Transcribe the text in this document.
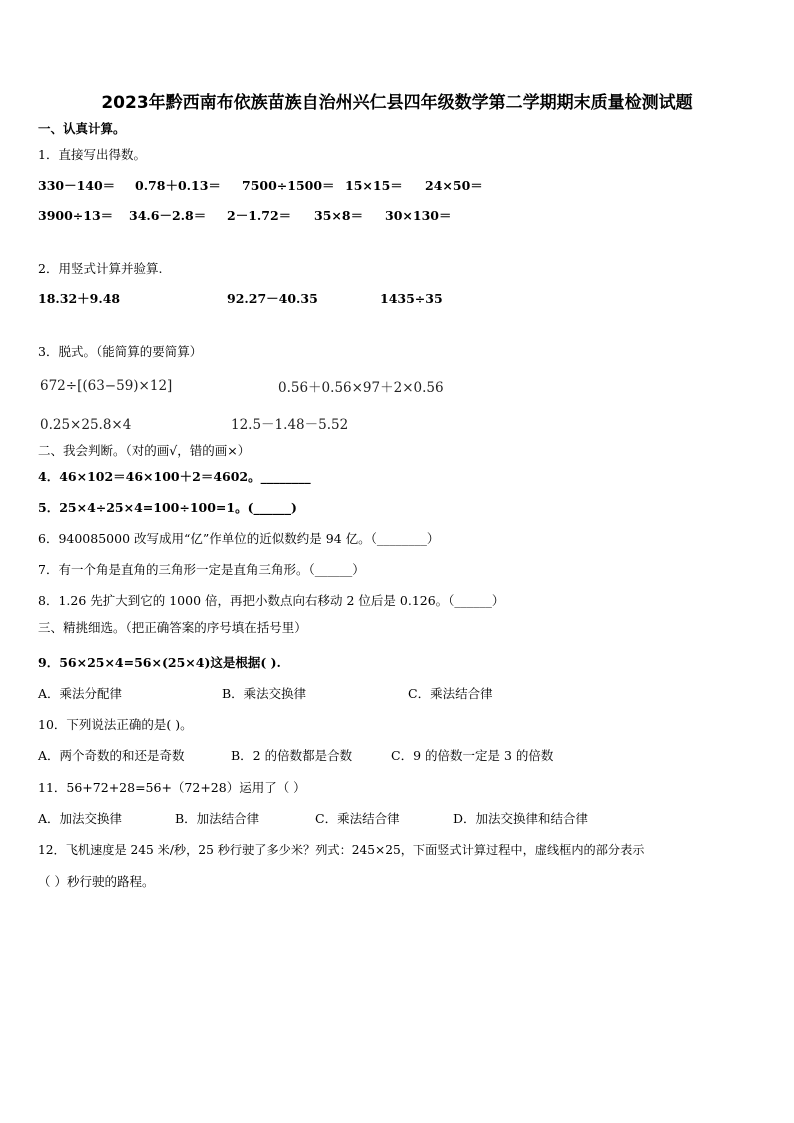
2023年黔西南布依族苗族自治州兴仁县四年级数学第二学期期末质量检测试题
一、认真计算。
1．直接写出得数。
330－140＝ 0.78＋0.13＝ 7500÷1500＝ 15×15＝ 24×50＝
3900÷13＝ 34.6－2.8＝ 2－1.72＝ 35×8＝ 30×130＝
2．用竖式计算并验算.
18.32＋9.48	92.27－40.35	1435÷35
3．脱式。（能简算的要简算）
672÷[(63−59)×12]	0.56＋0.56×97＋2×0.56
0.25×25.8×4	12.5－1.48－5.52
二、我会判断。（对的画√，错的画×）
4．46×102＝46×100＋2＝4602。________
5．25×4÷25×4=100÷100=1。(______)
6．940085000 改写成用“亿”作单位的近似数约是 94 亿。（________）
7．有一个角是直角的三角形一定是直角三角形。（______）
8．1.26 先扩大到它的 1000 倍，再把小数点向右移动 2 位后是 0.126。（______）
三、精挑细选。（把正确答案的序号填在括号里）
9．56×25×4=56×(25×4)这是根据( ).
A．乘法分配律	B．乘法交换律	C．乘法结合律
10．下列说法正确的是( )。
A．两个奇数的和还是奇数	B．2 的倍数都是合数	C．9 的倍数一定是 3 的倍数
11．56+72+28=56+（72+28）运用了（ ）
A．加法交换律	B．加法结合律	C．乘法结合律	D．加法交换律和结合律
12．飞机速度是 245 米/秒，25 秒行驶了多少米？列式：245×25，下面竖式计算过程中，虚线框内的部分表示
（ ）秒行驶的路程。
